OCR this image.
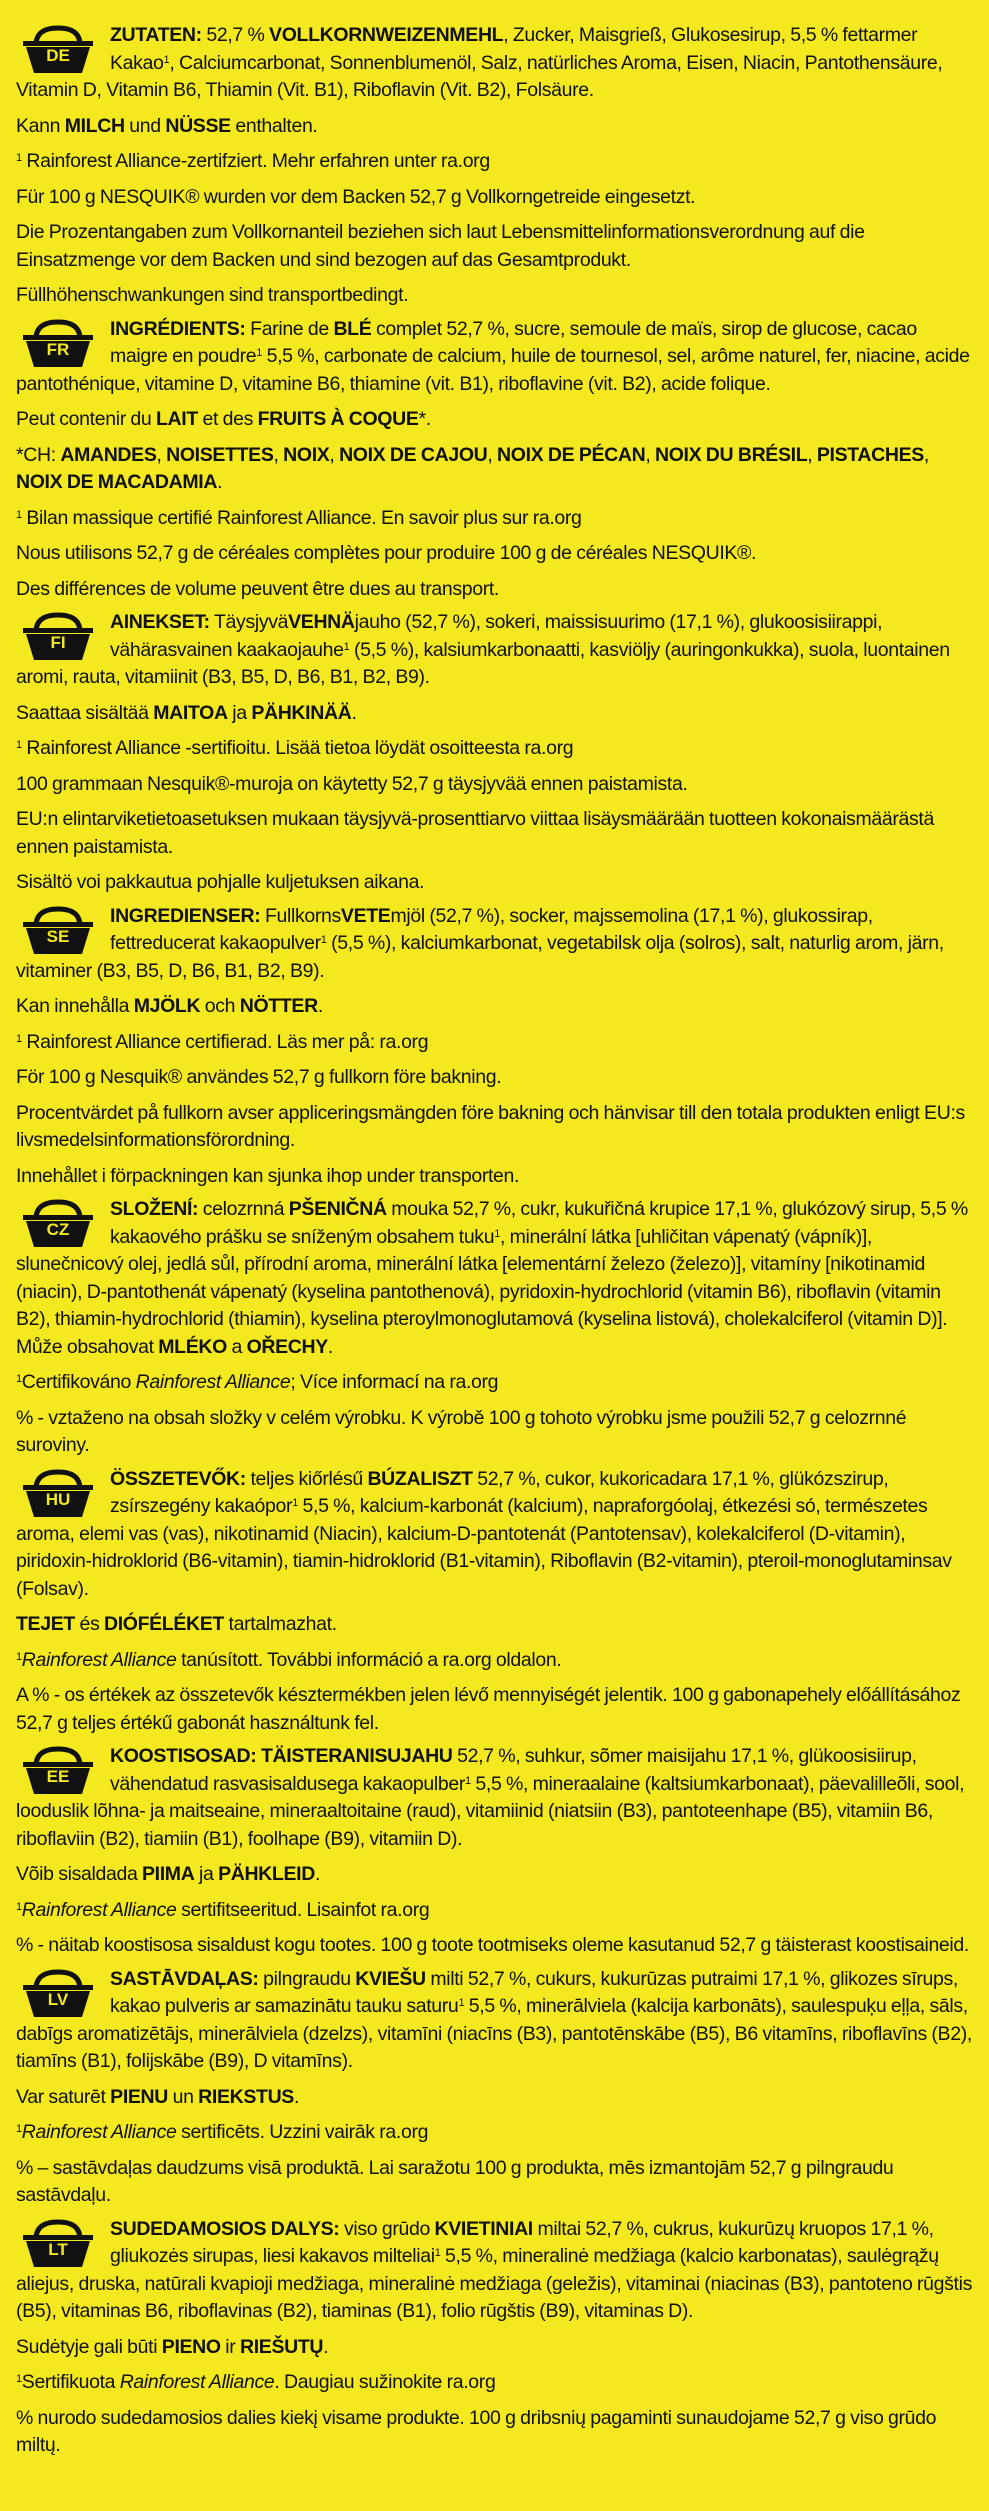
DE
ZUTATEN: 52,7 % VOLLKORNWEIZENMEHL, Zucker, Maisgrieß, Glukosesirup, 5,5 % fettarmer Kakao$^1$, Calciumcarbonat, Sonnenblumenöl, Salz, natürliches Aroma, Eisen, Niacin, Pantothensäure, Vitamin D, Vitamin B6, Thiamin (Vit. B1), Riboflavin (Vit. B2), Folsäure.

Kann MILCH und NÜSSE enthalten.

$^1$ Rainforest Alliance-zertifziert. Mehr erfahren unter ra.org

Für 100 g NESQUIK® wurden vor dem Backen 52,7 g Vollkorngetreide eingesetzt.

Die Prozentangaben zum Vollkornanteil beziehen sich laut Lebensmittelinformationsverordnung auf die Einsatzmenge vor dem Backen und sind bezogen auf das Gesamtprodukt.

Füllhöhenschwankungen sind transportbedingt.

FR
INGRÉDIENTS: Farine de BLÉ complet 52,7 %, sucre, semoule de maïs, sirop de glucose, cacao maigre en poudre$^1$ 5,5 %, carbonate de calcium, huile de tournesol, sel, arôme naturel, fer, niacine, acide pantothénique, vitamine D, vitamine B6, thiamine (vit. B1), riboflavine (vit. B2), acide folique.

Peut contenir du LAIT et des FRUITS À COQUE*.

*CH: AMANDES, NOISETTES, NOIX, NOIX DE CAJOU, NOIX DE PÉCAN, NOIX DU BRÉSIL, PISTACHES, NOIX DE MACADAMIA.

$^1$ Bilan massique certifié Rainforest Alliance. En savoir plus sur ra.org

Nous utilisons 52,7 g de céréales complètes pour produire 100 g de céréales NESQUIK®.

Des différences de volume peuvent être dues au transport.

FI
AINEKSET: TäysjyväVEHNÄjauho (52,7 %), sokeri, maissisuurimo (17,1 %), glukoosisiirappi, vähärasvainen kaakaojauhe$^1$ (5,5 %), kalsiumkarbonaatti, kasviöljy (auringonkukka), suola, luontainen aromi, rauta, vitamiinit (B3, B5, D, B6, B1, B2, B9).

Saattaa sisältää MAITOA ja PÄHKINÄÄ.

$^1$ Rainforest Alliance -sertifioitu. Lisää tietoa löydät osoitteesta ra.org

100 grammaan Nesquik®-muroja on käytetty 52,7 g täysjyvää ennen paistamista.

EU:n elintarviketietoasetuksen mukaan täysjyvä-prosenttiarvo viittaa lisäysmäärään tuotteen kokonaismäärästä ennen paistamista.

Sisältö voi pakkautua pohjalle kuljetuksen aikana.

SE
INGREDIENSER: FullkornsVETEmjöl (52,7 %), socker, majssemolina (17,1 %), glukossirap, fettreducerat kakaopulver$^1$ (5,5 %), kalciumkarbonat, vegetabilsk olja (solros), salt, naturlig arom, järn, vitaminer (B3, B5, D, B6, B1, B2, B9).

Kan innehålla MJÖLK och NÖTTER.

$^1$ Rainforest Alliance certifierad. Läs mer på: ra.org

För 100 g Nesquik® användes 52,7 g fullkorn före bakning.

Procentvärdet på fullkorn avser appliceringsmängden före bakning och hänvisar till den totala produkten enligt EU:s livsmedelsinformationsförordning.

Innehållet i förpackningen kan sjunka ihop under transporten.

CZ
SLOŽENÍ: celozrnná PŠENIČNÁ mouka 52,7 %, cukr, kukuřičná krupice 17,1 %, glukózový sirup, 5,5 % kakaového prášku se sníženým obsahem tuku$^1$, minerální látka [uhličitan vápenatý (vápník)], slunečnicový olej, jedlá sůl, přírodní aroma, minerální látka [elementární železo (železo)], vitamíny [nikotinamid (niacin), D-pantothenát vápenatý (kyselina pantothenová), pyridoxin-hydrochlorid (vitamin B6), riboflavin (vitamin B2), thiamin-hydrochlorid (thiamin), kyselina pteroylmonoglutamová (kyselina listová), cholekalciferol (vitamin D)]. Může obsahovat MLÉKO a OŘECHY.

$^1$Certifikováno Rainforest Alliance; Více informací na ra.org

% - vztaženo na obsah složky v celém výrobku. K výrobě 100 g tohoto výrobku jsme použili 52,7 g celozrnné suroviny.

HU
ÖSSZETEVŐK: teljes kiőrlésű BÚZALISZT 52,7 %, cukor, kukoricadara 17,1 %, glükózszirup, zsírszegény kakaópor$^1$ 5,5 %, kalcium-karbonát (kalcium), napraforgóolaj, étkezési só, természetes aroma, elemi vas (vas), nikotinamid (Niacin), kalcium-D-pantotenát (Pantotensav), kolekalciferol (D-vitamin), piridoxin-hidroklorid (B6-vitamin), tiamin-hidroklorid (B1-vitamin), Riboflavin (B2-vitamin), pteroil-monoglutaminsav (Folsav).

TEJET és DIÓFÉLÉKET tartalmazhat.

$^1$Rainforest Alliance tanúsított. További információ a ra.org oldalon.

A % - os értékek az összetevők késztermékben jelen lévő mennyiségét jelentik. 100 g gabonapehely előállításához 52,7 g teljes értékű gabonát használtunk fel.

EE
KOOSTISOSAD: TÄISTERANISUJAHU 52,7 %, suhkur, sõmer maisijahu 17,1 %, glükoosisiirup, vähendatud rasvasisaldusega kakaopulber$^1$ 5,5 %, mineraalaine (kaltsiumkarbonaat), päevalilleõli, sool, looduslik lõhna- ja maitseaine, mineraaltoitaine (raud), vitamiinid (niatsiin (B3), pantoteenhape (B5), vitamiin B6, riboflaviin (B2), tiamiin (B1), foolhape (B9), vitamiin D).

Võib sisaldada PIIMA ja PÄHKLEID.

$^1$Rainforest Alliance sertifitseeritud. Lisainfot ra.org

% - näitab koostisosa sisaldust kogu tootes. 100 g toote tootmiseks oleme kasutanud 52,7 g täisterast koostisaineid.

LV
SASTĀVDAĻAS: pilngraudu KVIEŠU milti 52,7 %, cukurs, kukurūzas putraimi 17,1 %, glikozes sīrups, kakao pulveris ar samazinātu tauku saturu$^1$ 5,5 %, minerālviela (kalcija karbonāts), saulespuķu eļļa, sāls, dabīgs aromatizētājs, minerālviela (dzelzs), vitamīni (niacīns (B3), pantotēnskābe (B5), B6 vitamīns, riboflavīns (B2), tiamīns (B1), folijskābe (B9), D vitamīns).

Var saturēt PIENU un RIEKSTUS.

$^1$Rainforest Alliance sertificēts. Uzzini vairāk ra.org

% – sastāvdaļas daudzums visā produktā. Lai saražotu 100 g produkta, mēs izmantojām 52,7 g pilngraudu sastāvdaļu.

LT
SUDEDAMOSIOS DALYS: viso grūdo KVIETINIAI miltai 52,7 %, cukrus, kukurūzų kruopos 17,1 %, gliukozės sirupas, liesi kakavos milteliai$^1$ 5,5 %, mineralinė medžiaga (kalcio karbonatas), saulėgrąžų aliejus, druska, natūrali kvapioji medžiaga, mineralinė medžiaga (geležis), vitaminai (niacinas (B3), pantoteno rūgštis (B5), vitaminas B6, riboflavinas (B2), tiaminas (B1), folio rūgštis (B9), vitaminas D).

Sudėtyje gali būti PIENO ir RIEŠUTŲ.

$^1$Sertifikuota Rainforest Alliance. Daugiau sužinokite ra.org

% nurodo sudedamosios dalies kiekį visame produkte. 100 g dribsnių pagaminti sunaudojame 52,7 g viso grūdo miltų.
